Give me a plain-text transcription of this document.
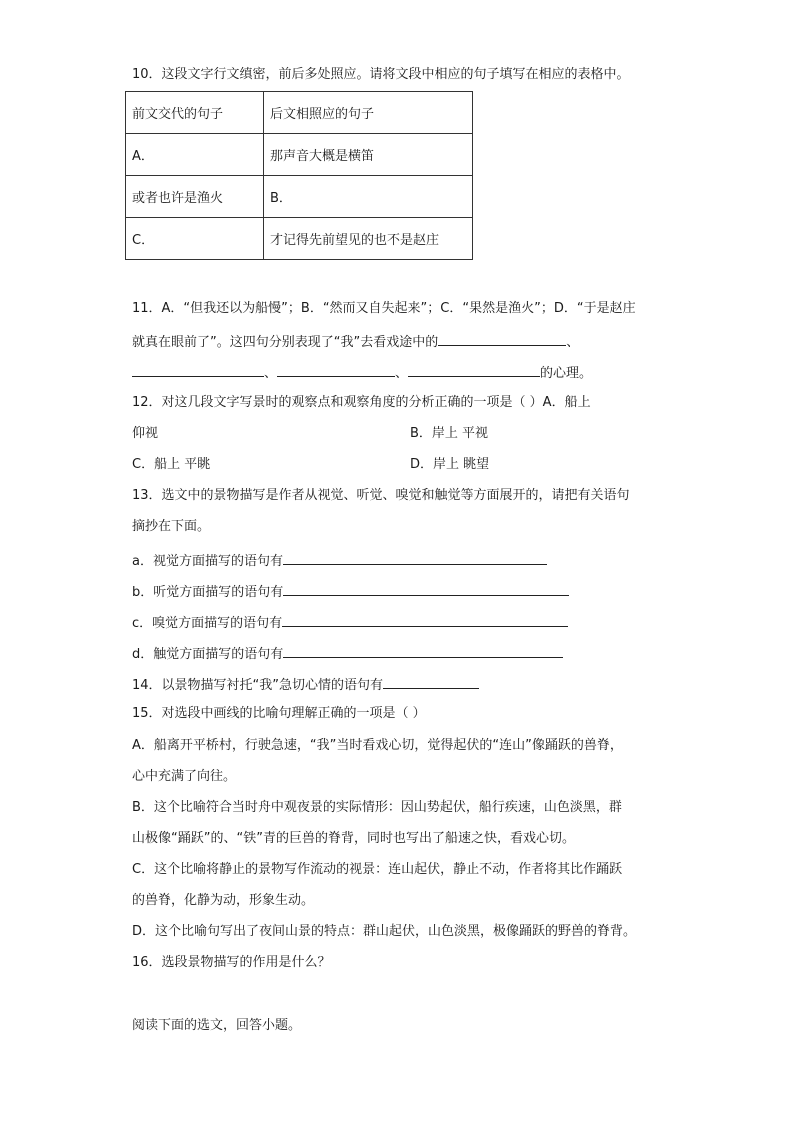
10．这段文字行文缜密，前后多处照应。请将文段中相应的句子填写在相应的表格中。
前文交代的句子	后文相照应的句子
A．	那声音大概是横笛
或者也许是渔火	B．
C．	才记得先前望见的也不是赵庄
11．A．“但我还以为船慢”；B．“然而又自失起来”；C．“果然是渔火”；D．“于是赵庄
就真在眼前了”。这四句分别表现了“我”去看戏途中的	、
、	、	的心理。
12．对这几段文字写景时的观察点和观察角度的分析正确的一项是（ ）A．船上
仰视	B．岸上 平视
C．船上 平眺	D．岸上 眺望
13．选文中的景物描写是作者从视觉、听觉、嗅觉和触觉等方面展开的，请把有关语句
摘抄在下面。
a．视觉方面描写的语句有
b．听觉方面描写的语句有
c．嗅觉方面描写的语句有
d．触觉方面描写的语句有
14．以景物描写衬托“我”急切心情的语句有
15．对选段中画线的比喻句理解正确的一项是（ ）
A．船离开平桥村，行驶急速，“我”当时看戏心切，觉得起伏的“连山”像踊跃的兽脊，
心中充满了向往。
B．这个比喻符合当时舟中观夜景的实际情形：因山势起伏，船行疾速，山色淡黑，群
山极像“踊跃”的、“铁”青的巨兽的脊背，同时也写出了船速之快，看戏心切。
C．这个比喻将静止的景物写作流动的视景：连山起伏，静止不动，作者将其比作踊跃
的兽脊，化静为动，形象生动。
D．这个比喻句写出了夜间山景的特点：群山起伏，山色淡黑，极像踊跃的野兽的脊背。
16．选段景物描写的作用是什么？
阅读下面的选文，回答小题。
